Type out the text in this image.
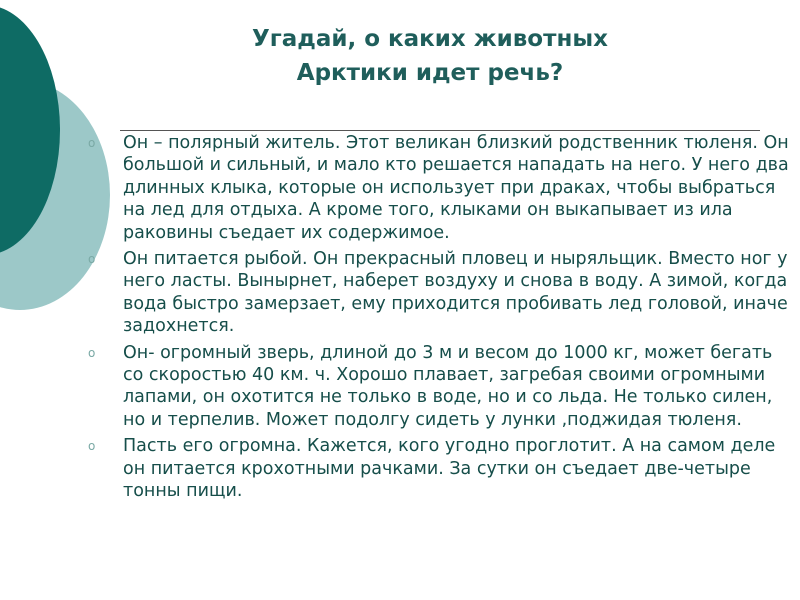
Угадай, о каких животных
Арктики идет речь?
o Он – полярный житель. Этот великан близкий родственник тюленя. Он большой и сильный, и мало кто решается нападать на него. У него два длинных клыка, которые он использует при драках, чтобы выбраться на лед для отдыха. А кроме того, клыками он выкапывает из ила раковины съедает их содержимое.
o Он питается рыбой. Он прекрасный пловец и ныряльщик. Вместо ног у него ласты. Вынырнет, наберет воздуху и снова в воду. А зимой, когда вода быстро замерзает, ему приходится пробивать лед головой, иначе задохнется.
o Он- огромный зверь, длиной до 3 м и весом до 1000 кг, может бегать со скоростью 40 км. ч. Хорошо плавает, загребая своими огромными лапами, он охотится не только в воде, но и со льда. Не только силен, но и терпелив. Может подолгу сидеть у лунки ,поджидая тюленя.
o Пасть его огромна. Кажется, кого угодно проглотит. А на самом деле он питается крохотными рачками. За сутки он съедает две-четыре тонны пищи.
